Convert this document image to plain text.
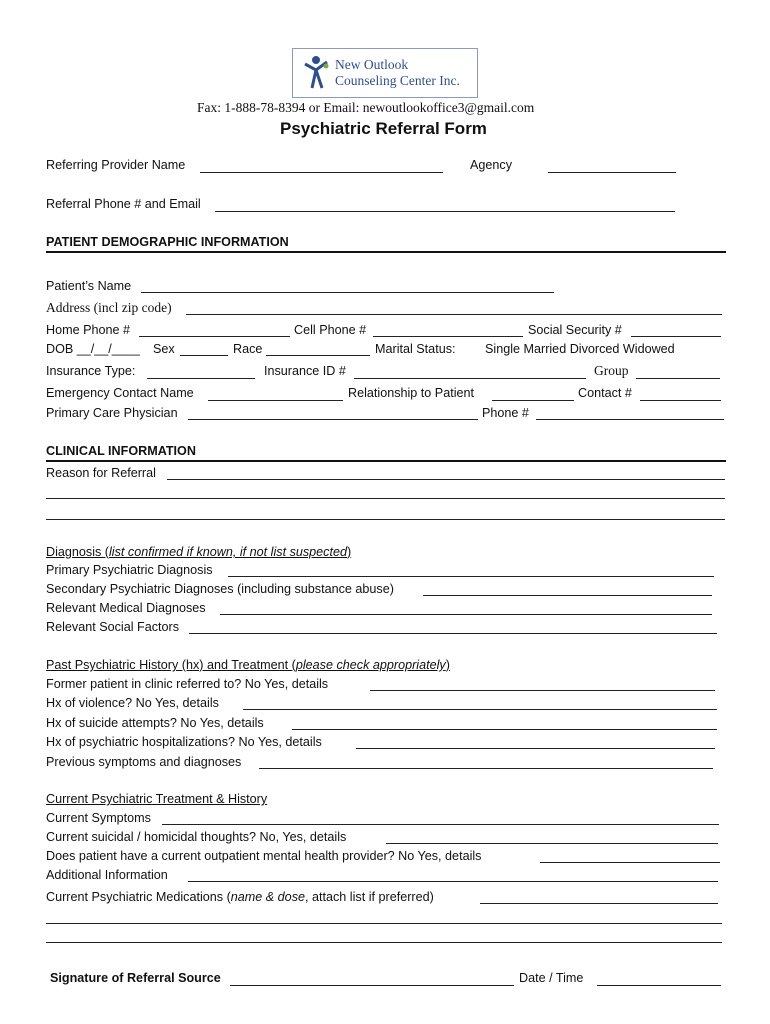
New Outlook
Counseling Center Inc.
Fax: 1-888-78-8394 or Email: newoutlookoffice3@gmail.com
Psychiatric Referral Form
Referring Provider Name	Agency
Referral Phone # and Email
PATIENT DEMOGRAPHIC INFORMATION
Patient’s Name
Address (incl zip code)
Home Phone #	Cell Phone #	Social Security #
DOB __/__/____ Sex	Race	Marital Status: Single Married Divorced Widowed
Insurance Type:	Insurance ID #	Group
Emergency Contact Name	Relationship to Patient	Contact #
Primary Care Physician	Phone #
CLINICAL INFORMATION
Reason for Referral
Diagnosis (list confirmed if known, if not list suspected)
Primary Psychiatric Diagnosis
Secondary Psychiatric Diagnoses (including substance abuse)
Relevant Medical Diagnoses
Relevant Social Factors
Past Psychiatric History (hx) and Treatment (please check appropriately)
Former patient in clinic referred to? No Yes, details
Hx of violence? No Yes, details
Hx of suicide attempts? No Yes, details
Hx of psychiatric hospitalizations? No Yes, details
Previous symptoms and diagnoses
Current Psychiatric Treatment & History
Current Symptoms
Current suicidal / homicidal thoughts? No, Yes, details
Does patient have a current outpatient mental health provider? No Yes, details
Additional Information
Current Psychiatric Medications (name & dose, attach list if preferred)
Signature of Referral Source	Date / Time
